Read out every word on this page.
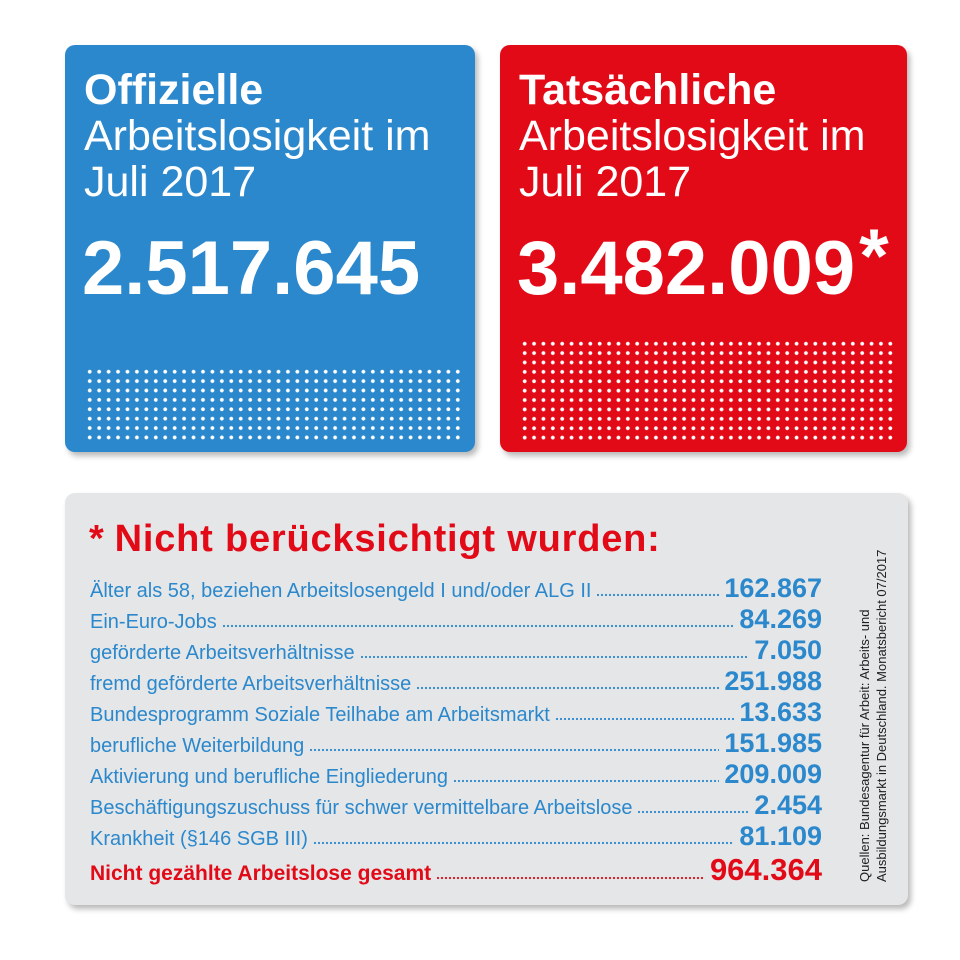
Offizielle
Arbeitslosigkeit im
Juli 2017
2.517.645
Tatsächliche
Arbeitslosigkeit im
Juli 2017
3.482.009*
* Nicht berücksichtigt wurden:
Älter als 58, beziehen Arbeitslosengeld I und/oder ALG II	162.867
Ein-Euro-Jobs	84.269
geförderte Arbeitsverhältnisse	7.050
fremd geförderte Arbeitsverhältnisse	251.988
Bundesprogramm Soziale Teilhabe am Arbeitsmarkt	13.633
berufliche Weiterbildung	151.985
Aktivierung und berufliche Eingliederung	209.009
Beschäftigungszuschuss für schwer vermittelbare Arbeitslose	2.454
Krankheit (§146 SGB III)	81.109
Nicht gezählte Arbeitslose gesamt	964.364	Quellen: Bundesagentur für Arbeit: Arbeits- und Ausbildungsmarkt in Deutschland. Monatsbericht 07/2017
